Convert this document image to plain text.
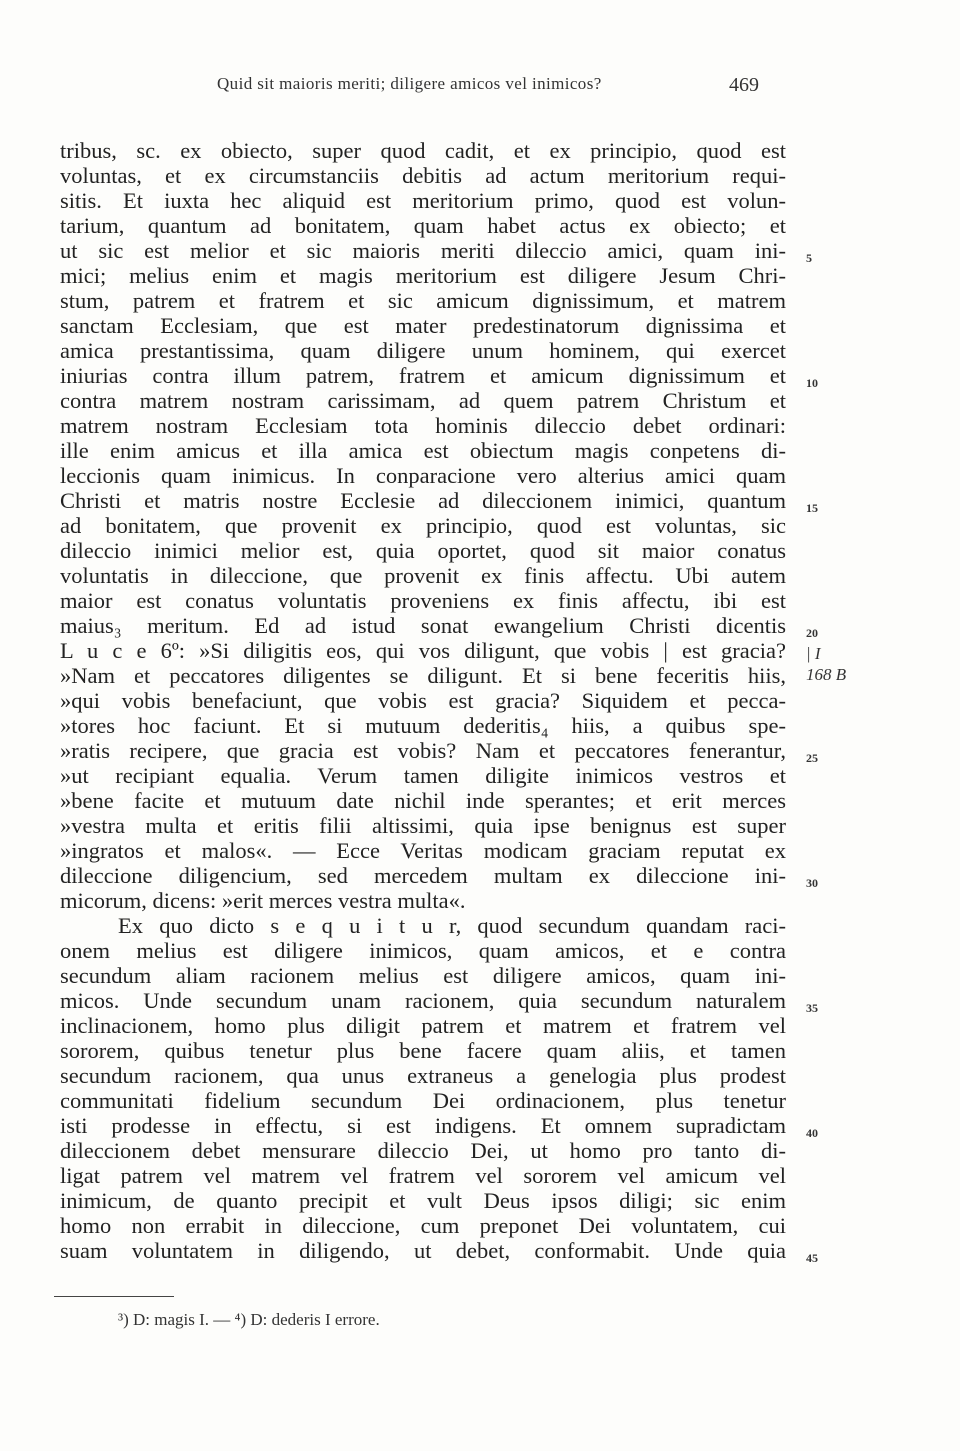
Quid sit maioris meriti; diligere amicos vel inimicos?	469
tribus, sc. ex obiecto, super quod cadit, et ex principio, quod est
voluntas, et ex circumstanciis debitis ad actum meritorium requi-
sitis. Et iuxta hec aliquid est meritorium primo, quod est volun-
tarium, quantum ad bonitatem, quam habet actus ex obiecto; et
ut sic est melior et sic maioris meriti dileccio amici, quam ini-
mici; melius enim et magis meritorium est diligere Jesum Chri-
stum, patrem et fratrem et sic amicum dignissimum, et matrem
sanctam Ecclesiam, que est mater predestinatorum dignissima et
amica prestantissima, quam diligere unum hominem, qui exercet
iniurias contra illum patrem, fratrem et amicum dignissimum et
contra matrem nostram carissimam, ad quem patrem Christum et
matrem nostram Ecclesiam tota hominis dileccio debet ordinari:
ille enim amicus et illa amica est obiectum magis conpetens di-
leccionis quam inimicus. In conparacione vero alterius amici quam
Christi et matris nostre Ecclesie ad dileccionem inimici, quantum
ad bonitatem, que provenit ex principio, quod est voluntas, sic
dileccio inimici melior est, quia oportet, quod sit maior conatus
voluntatis in dileccione, que provenit ex finis affectu. Ubi autem
maior est conatus voluntatis proveniens ex finis affectu, ibi est
maius₃ meritum. Ed ad istud sonat ewangelium Christi dicentis
L u c e 6º: »Si diligitis eos, qui vos diligunt, que vobis | est gracia?
»Nam et peccatores diligentes se diligunt. Et si bene feceritis hiis,
»qui vobis benefaciunt, que vobis est gracia? Siquidem et pecca-
»tores hoc faciunt. Et si mutuum dederitis₄ hiis, a quibus spe-
»ratis recipere, que gracia est vobis? Nam et peccatores fenerantur,
»ut recipiant equalia. Verum tamen diligite inimicos vestros et
»bene facite et mutuum date nichil inde sperantes; et erit merces
»vestra multa et eritis filii altissimi, quia ipse benignus est super
»ingratos et malos«. — Ecce Veritas modicam graciam reputat ex
dileccione diligencium, sed mercedem multam ex dileccione ini-
micorum, dicens: »erit merces vestra multa«.
Ex quo dicto s e q u i t u r, quod secundum quandam raci-
onem melius est diligere inimicos, quam amicos, et e contra
secundum aliam racionem melius est diligere amicos, quam ini-
micos. Unde secundum unam racionem, quia secundum naturalem
inclinacionem, homo plus diligit patrem et matrem et fratrem vel
sororem, quibus tenetur plus bene facere quam aliis, et tamen
secundum racionem, qua unus extraneus a genelogia plus prodest
communitati fidelium secundum Dei ordinacionem, plus tenetur
isti prodesse in effectu, si est indigens. Et omnem supradictam
dileccionem debet mensurare dileccio Dei, ut homo pro tanto di-
ligat patrem vel matrem vel fratrem vel sororem vel amicum vel
inimicum, de quanto precipit et vult Deus ipsos diligi; sic enim
homo non errabit in dileccione, cum preponet Dei voluntatem, cui
suam voluntatem in diligendo, ut debet, conformabit. Unde quia
5
10
15
20
25
30
35
40
45
| I
168 B
³) D: magis I. — ⁴) D: dederis I errore.
